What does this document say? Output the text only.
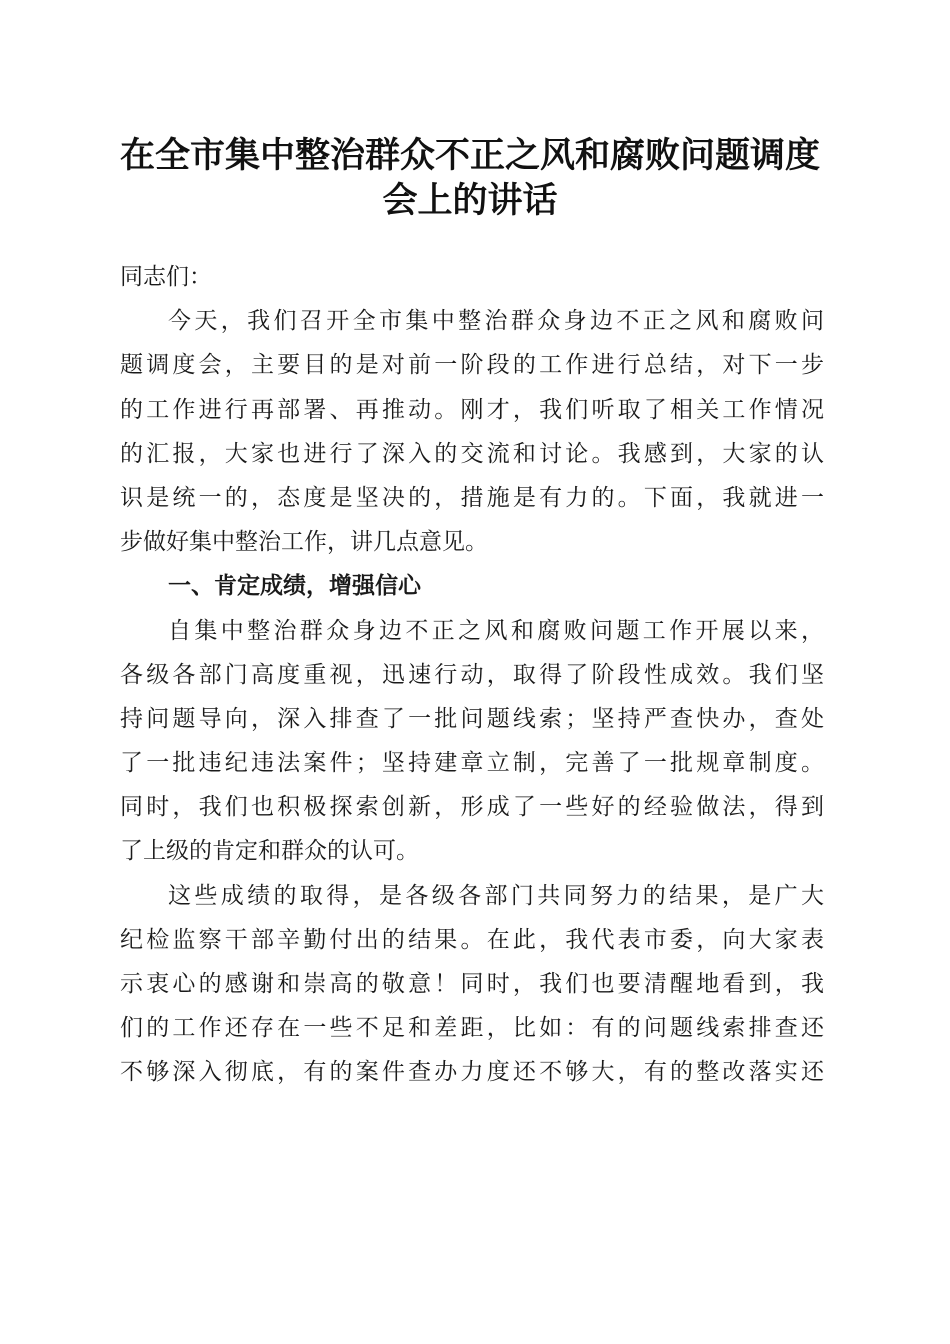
在全市集中整治群众不正之风和腐败问题调度
会上的讲话
同志们：
今天，我们召开全市集中整治群众身边不正之风和腐败问
题调度会，主要目的是对前一阶段的工作进行总结，对下一步
的工作进行再部署、再推动。刚才，我们听取了相关工作情况
的汇报，大家也进行了深入的交流和讨论。我感到，大家的认
识是统一的，态度是坚决的，措施是有力的。下面，我就进一
步做好集中整治工作，讲几点意见。
一、肯定成绩，增强信心
自集中整治群众身边不正之风和腐败问题工作开展以来，
各级各部门高度重视，迅速行动，取得了阶段性成效。我们坚
持问题导向，深入排查了一批问题线索；坚持严查快办，查处
了一批违纪违法案件；坚持建章立制，完善了一批规章制度。
同时，我们也积极探索创新，形成了一些好的经验做法，得到
了上级的肯定和群众的认可。
这些成绩的取得，是各级各部门共同努力的结果，是广大
纪检监察干部辛勤付出的结果。在此，我代表市委，向大家表
示衷心的感谢和崇高的敬意！同时，我们也要清醒地看到，我
们的工作还存在一些不足和差距，比如：有的问题线索排查还
不够深入彻底，有的案件查办力度还不够大，有的整改落实还
